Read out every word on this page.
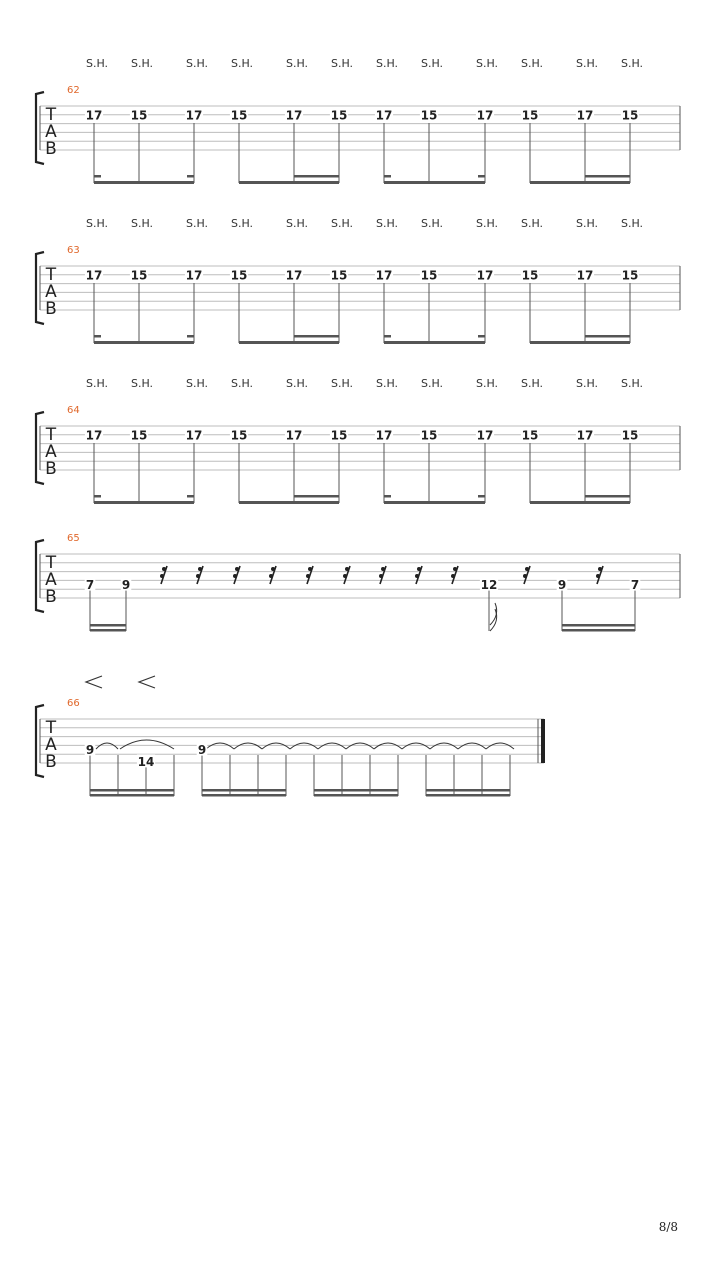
T
A
B
62
S.H. S.H.	S.H. S.H.	S.H. S.H. S.H. S.H.	S.H. S.H.	S.H. S.H.
17 15	17 15	17 15 17 15	17 15	17 15
T
A
B
63
S.H. S.H.	S.H. S.H.	S.H. S.H. S.H. S.H.	S.H. S.H.	S.H. S.H.
17 15	17 15	17 15 17 15	17 15	17 15
T
A
B
64
S.H. S.H.	S.H. S.H.	S.H. S.H. S.H. S.H.	S.H. S.H.	S.H. S.H.
17 15	17 15	17 15 17 15	17 15	17 15
T
A
B
65
7 9	12	9	7
T
A
B
66
9
14
9
8/8
